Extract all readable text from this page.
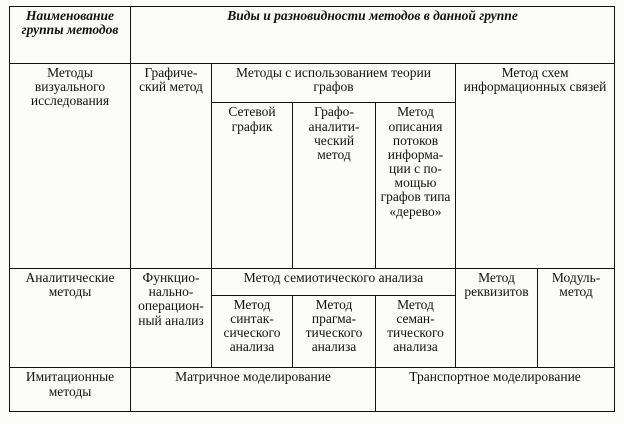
Наименование группы методов	Виды и разновидности методов в данной группе					
Методы визуального исследования	Графиче-ский метод	Методы с использованием теории графов			Метод схем информационных связей	
		Сетевой график	Графо-аналити-ческий метод	Метод описания потоков информа-ции с по-мощью графов типа «дерево»		
Аналитические методы	Функцио-нально-операцион-ный анализ	Метод семиотического анализа			Метод реквизитов	Модуль-метод
		Метод синтак-сического анализа	Метод прагма-тического анализа	Метод семан-тического анализа		
Имитационные методы	Матричное моделирование			Транспортное моделирование		
